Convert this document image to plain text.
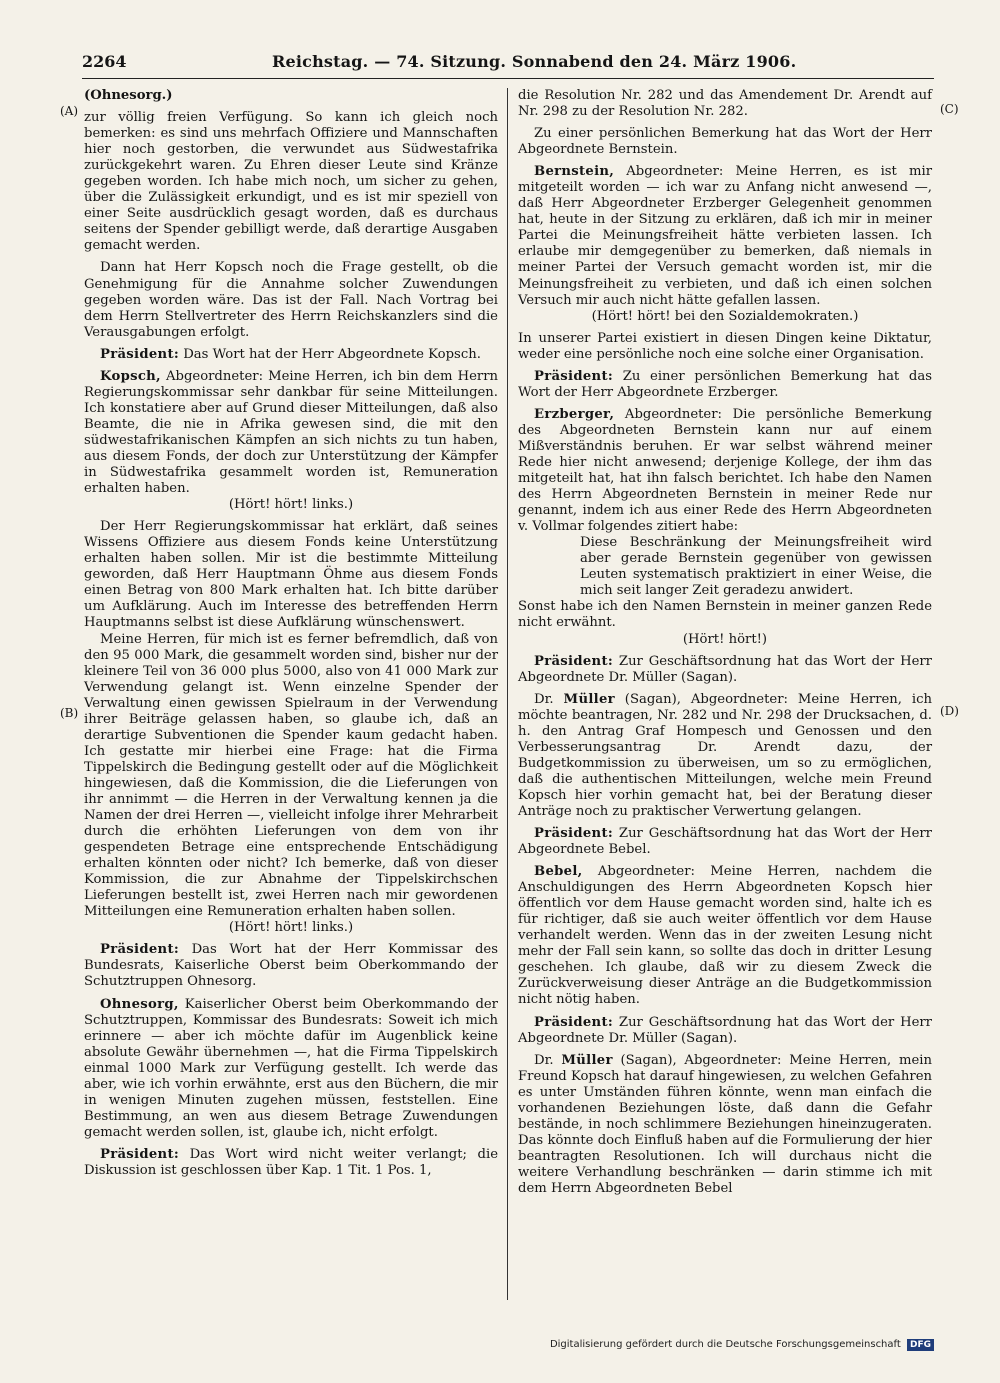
2264	Reichstag. — 74. Sitzung. Sonnabend den 24. März 1906.
(A)
(B)
(C)
(D)

(Ohnesorg.)

zur völlig freien Verfügung. So kann ich gleich noch bemerken: es sind uns mehrfach Offiziere und Mannschaften hier noch gestorben, die verwundet aus Südwestafrika zurückgekehrt waren. Zu Ehren dieser Leute sind Kränze gegeben worden. Ich habe mich noch, um sicher zu gehen, über die Zulässigkeit erkundigt, und es ist mir speziell von einer Seite ausdrücklich gesagt worden, daß es durchaus seitens der Spender gebilligt werde, daß derartige Ausgaben gemacht werden.

Dann hat Herr Kopsch noch die Frage gestellt, ob die Genehmigung für die Annahme solcher Zuwendungen gegeben worden wäre. Das ist der Fall. Nach Vortrag bei dem Herrn Stellvertreter des Herrn Reichskanzlers sind die Verausgabungen erfolgt.

Präsident: Das Wort hat der Herr Abgeordnete Kopsch.

Kopsch, Abgeordneter: Meine Herren, ich bin dem Herrn Regierungskommissar sehr dankbar für seine Mitteilungen. Ich konstatiere aber auf Grund dieser Mitteilungen, daß also Beamte, die nie in Afrika gewesen sind, die mit den südwestafrikanischen Kämpfen an sich nichts zu tun haben, aus diesem Fonds, der doch zur Unterstützung der Kämpfer in Südwestafrika gesammelt worden ist, Remuneration erhalten haben.

(Hört! hört! links.)

Der Herr Regierungskommissar hat erklärt, daß seines Wissens Offiziere aus diesem Fonds keine Unterstützung erhalten haben sollen. Mir ist die bestimmte Mitteilung geworden, daß Herr Hauptmann Öhme aus diesem Fonds einen Betrag von 800 Mark erhalten hat. Ich bitte darüber um Aufklärung. Auch im Interesse des betreffenden Herrn Hauptmanns selbst ist diese Aufklärung wünschenswert.

Meine Herren, für mich ist es ferner befremdlich, daß von den 95 000 Mark, die gesammelt worden sind, bisher nur der kleinere Teil von 36 000 plus 5000, also von 41 000 Mark zur Verwendung gelangt ist. Wenn einzelne Spender der Verwaltung einen gewissen Spielraum in der Verwendung ihrer Beiträge gelassen haben, so glaube ich, daß an derartige Subventionen die Spender kaum gedacht haben. Ich gestatte mir hierbei eine Frage: hat die Firma Tippelskirch die Bedingung gestellt oder auf die Möglichkeit hingewiesen, daß die Kommission, die die Lieferungen von ihr annimmt — die Herren in der Verwaltung kennen ja die Namen der drei Herren —, vielleicht infolge ihrer Mehrarbeit durch die erhöhten Lieferungen von dem von ihr gespendeten Betrage eine entsprechende Entschädigung erhalten könnten oder nicht? Ich bemerke, daß von dieser Kommission, die zur Abnahme der Tippelskirchschen Lieferungen bestellt ist, zwei Herren nach mir gewordenen Mitteilungen eine Remuneration erhalten haben sollen.

(Hört! hört! links.)

Präsident: Das Wort hat der Herr Kommissar des Bundesrats, Kaiserliche Oberst beim Oberkommando der Schutztruppen Ohnesorg.

Ohnesorg, Kaiserlicher Oberst beim Oberkommando der Schutztruppen, Kommissar des Bundesrats: Soweit ich mich erinnere — aber ich möchte dafür im Augenblick keine absolute Gewähr übernehmen —, hat die Firma Tippelskirch einmal 1000 Mark zur Verfügung gestellt. Ich werde das aber, wie ich vorhin erwähnte, erst aus den Büchern, die mir in wenigen Minuten zugehen müssen, feststellen. Eine Bestimmung, an wen aus diesem Betrage Zuwendungen gemacht werden sollen, ist, glaube ich, nicht erfolgt.

Präsident: Das Wort wird nicht weiter verlangt; die Diskussion ist geschlossen über Kap. 1 Tit. 1 Pos. 1,

die Resolution Nr. 282 und das Amendement Dr. Arendt auf Nr. 298 zu der Resolution Nr. 282.

Zu einer persönlichen Bemerkung hat das Wort der Herr Abgeordnete Bernstein.

Bernstein, Abgeordneter: Meine Herren, es ist mir mitgeteilt worden — ich war zu Anfang nicht anwesend —, daß Herr Abgeordneter Erzberger Gelegenheit genommen hat, heute in der Sitzung zu erklären, daß ich mir in meiner Partei die Meinungsfreiheit hätte verbieten lassen. Ich erlaube mir demgegenüber zu bemerken, daß niemals in meiner Partei der Versuch gemacht worden ist, mir die Meinungsfreiheit zu verbieten, und daß ich einen solchen Versuch mir auch nicht hätte gefallen lassen.

(Hört! hört! bei den Sozialdemokraten.)

In unserer Partei existiert in diesen Dingen keine Diktatur, weder eine persönliche noch eine solche einer Organisation.

Präsident: Zu einer persönlichen Bemerkung hat das Wort der Herr Abgeordnete Erzberger.

Erzberger, Abgeordneter: Die persönliche Bemerkung des Abgeordneten Bernstein kann nur auf einem Mißverständnis beruhen. Er war selbst während meiner Rede hier nicht anwesend; derjenige Kollege, der ihm das mitgeteilt hat, hat ihn falsch berichtet. Ich habe den Namen des Herrn Abgeordneten Bernstein in meiner Rede nur genannt, indem ich aus einer Rede des Herrn Abgeordneten v. Vollmar folgendes zitiert habe:

Diese Beschränkung der Meinungsfreiheit wird aber gerade Bernstein gegenüber von gewissen Leuten systematisch praktiziert in einer Weise, die mich seit langer Zeit geradezu anwidert.

Sonst habe ich den Namen Bernstein in meiner ganzen Rede nicht erwähnt.

(Hört! hört!)

Präsident: Zur Geschäftsordnung hat das Wort der Herr Abgeordnete Dr. Müller (Sagan).

Dr. Müller (Sagan), Abgeordneter: Meine Herren, ich möchte beantragen, Nr. 282 und Nr. 298 der Drucksachen, d. h. den Antrag Graf Hompesch und Genossen und den Verbesserungsantrag Dr. Arendt dazu, der Budgetkommission zu überweisen, um so zu ermöglichen, daß die authentischen Mitteilungen, welche mein Freund Kopsch hier vorhin gemacht hat, bei der Beratung dieser Anträge noch zu praktischer Verwertung gelangen.

Präsident: Zur Geschäftsordnung hat das Wort der Herr Abgeordnete Bebel.

Bebel, Abgeordneter: Meine Herren, nachdem die Anschuldigungen des Herrn Abgeordneten Kopsch hier öffentlich vor dem Hause gemacht worden sind, halte ich es für richtiger, daß sie auch weiter öffentlich vor dem Hause verhandelt werden. Wenn das in der zweiten Lesung nicht mehr der Fall sein kann, so sollte das doch in dritter Lesung geschehen. Ich glaube, daß wir zu diesem Zweck die Zurückverweisung dieser Anträge an die Budgetkommission nicht nötig haben.

Präsident: Zur Geschäftsordnung hat das Wort der Herr Abgeordnete Dr. Müller (Sagan).

Dr. Müller (Sagan), Abgeordneter: Meine Herren, mein Freund Kopsch hat darauf hingewiesen, zu welchen Gefahren es unter Umständen führen könnte, wenn man einfach die vorhandenen Beziehungen löste, daß dann die Gefahr bestände, in noch schlimmere Beziehungen hineinzugeraten. Das könnte doch Einfluß haben auf die Formulierung der hier beantragten Resolutionen. Ich will durchaus nicht die weitere Verhandlung beschränken — darin stimme ich mit dem Herrn Abgeordneten Bebel

Digitalisierung gefördert durch die Deutsche Forschungsgemeinschaft DFG
